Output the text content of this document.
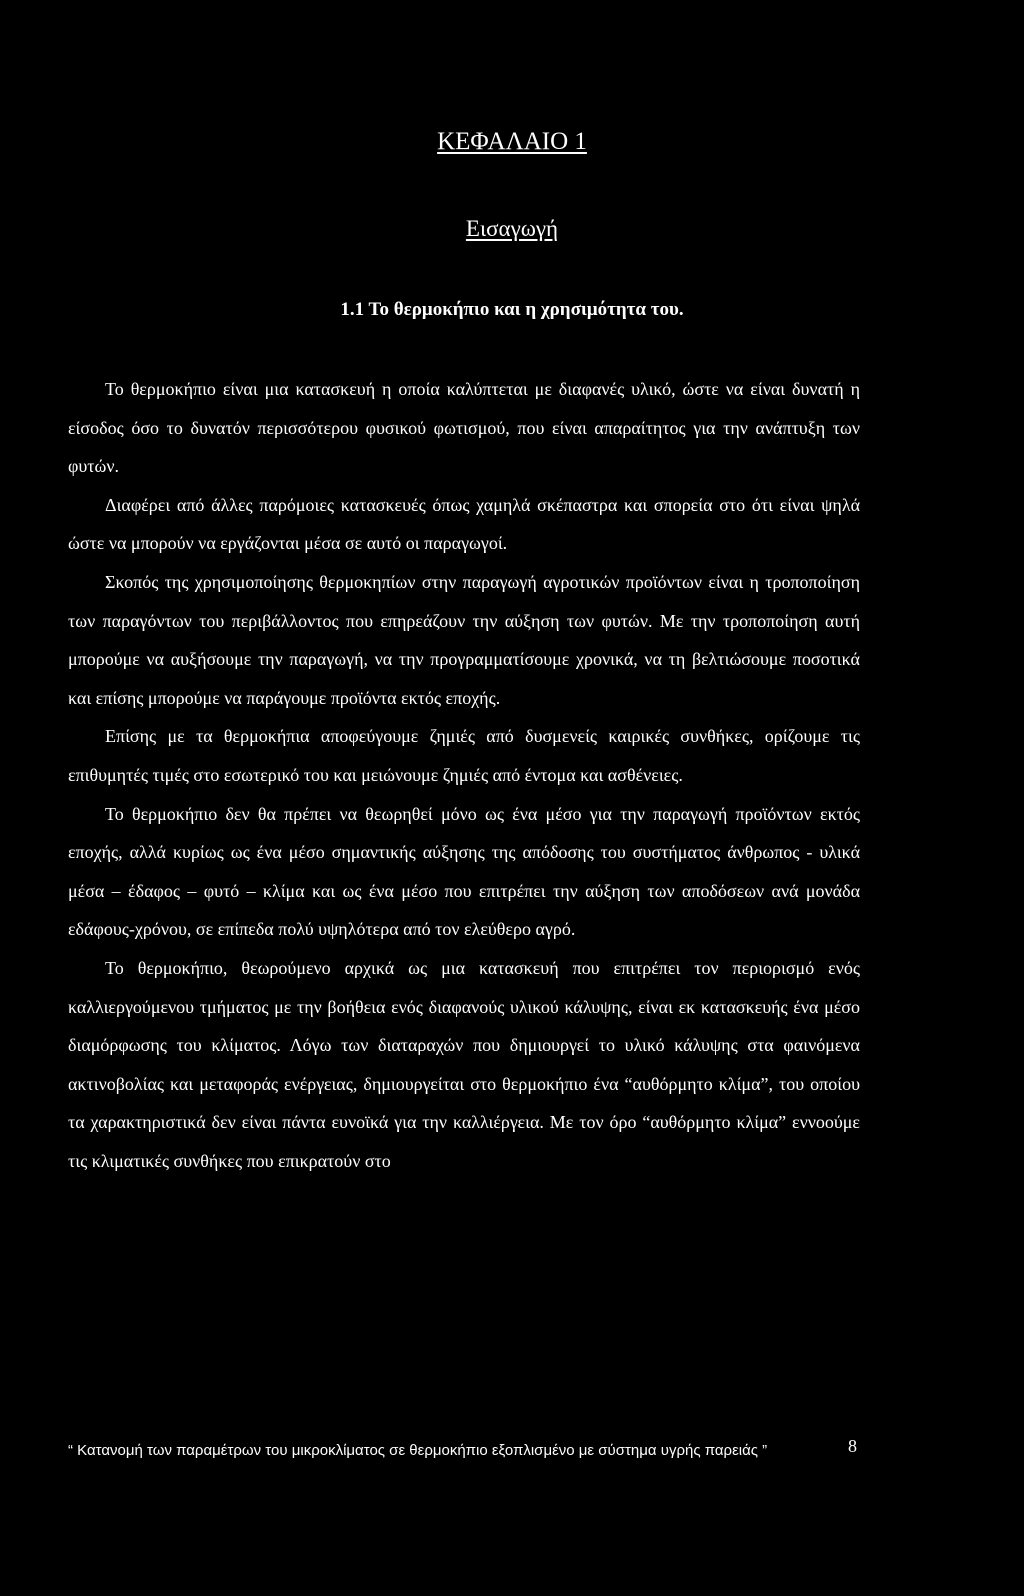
ΚΕΦΑΛΑΙΟ 1
Εισαγωγή
1.1 Το θερμοκήπιο και η χρησιμότητα του.

Το θερμοκήπιο είναι μια κατασκευή η οποία καλύπτεται με διαφανές υλικό, ώστε να είναι δυνατή η είσοδος όσο το δυνατόν περισσότερου φυσικού φωτισμού, που είναι απαραίτητος για την ανάπτυξη των φυτών.

Διαφέρει από άλλες παρόμοιες κατασκευές όπως χαμηλά σκέπαστρα και σπορεία στο ότι είναι ψηλά ώστε να μπορούν να εργάζονται μέσα σε αυτό οι παραγωγοί.

Σκοπός της χρησιμοποίησης θερμοκηπίων στην παραγωγή αγροτικών προϊόντων είναι η τροποποίηση των παραγόντων του περιβάλλοντος που επηρεάζουν την αύξηση των φυτών. Με την τροποποίηση αυτή μπορούμε να αυξήσουμε την παραγωγή, να την προγραμματίσουμε χρονικά, να τη βελτιώσουμε ποσοτικά και επίσης μπορούμε να παράγουμε προϊόντα εκτός εποχής.

Επίσης με τα θερμοκήπια αποφεύγουμε ζημιές από δυσμενείς καιρικές συνθήκες, ορίζουμε τις επιθυμητές τιμές στο εσωτερικό του και μειώνουμε ζημιές από έντομα και ασθένειες.

Το θερμοκήπιο δεν θα πρέπει να θεωρηθεί μόνο ως ένα μέσο για την παραγωγή προϊόντων εκτός εποχής, αλλά κυρίως ως ένα μέσο σημαντικής αύξησης της απόδοσης του συστήματος άνθρωπος - υλικά μέσα – έδαφος – φυτό – κλίμα και ως ένα μέσο που επιτρέπει την αύξηση των αποδόσεων ανά μονάδα εδάφους-χρόνου, σε επίπεδα πολύ υψηλότερα από τον ελεύθερο αγρό.

Το θερμοκήπιο, θεωρούμενο αρχικά ως μια κατασκευή που επιτρέπει τον περιορισμό ενός καλλιεργούμενου τμήματος με την βοήθεια ενός διαφανούς υλικού κάλυψης, είναι εκ κατασκευής ένα μέσο διαμόρφωσης του κλίματος. Λόγω των διαταραχών που δημιουργεί το υλικό κάλυψης στα φαινόμενα ακτινοβολίας και μεταφοράς ενέργειας, δημιουργείται στο θερμοκήπιο ένα “αυθόρμητο κλίμα”, του οποίου τα χαρακτηριστικά δεν είναι πάντα ευνοϊκά για την καλλιέργεια. Με τον όρο “αυθόρμητο κλίμα” εννοούμε τις κλιματικές συνθήκες που επικρατούν στο

“ Κατανομή των παραμέτρων του μικροκλίματος σε θερμοκήπιο εξοπλισμένο με σύστημα υγρής παρειάς ”	8
